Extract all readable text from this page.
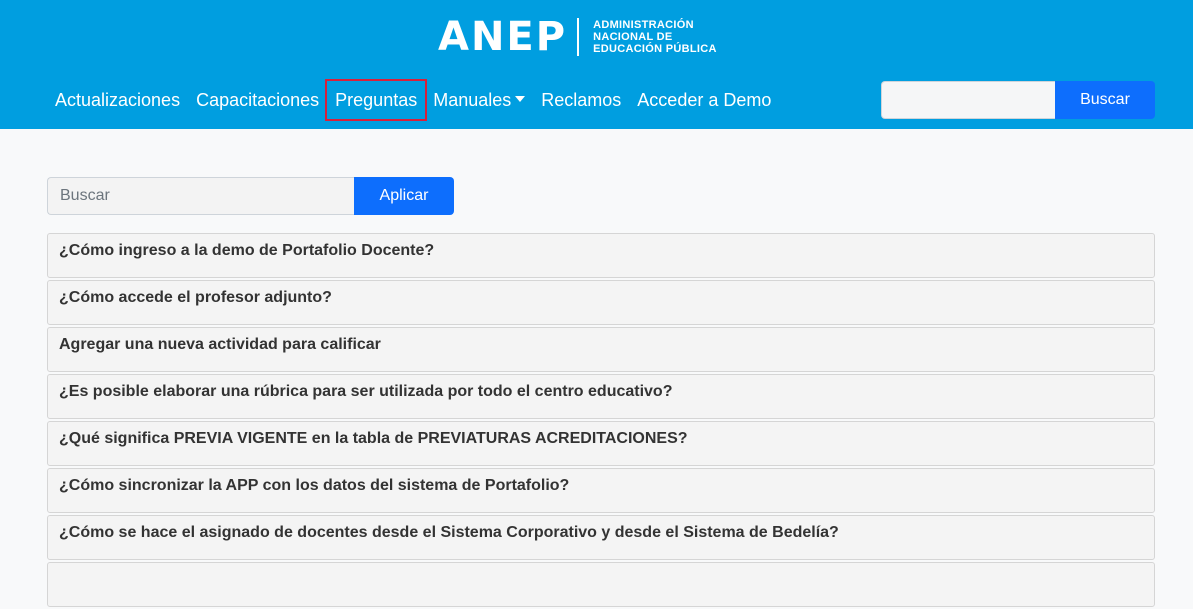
ANEP ADMINISTRACIÓN
NACIONAL DE
EDUCACIÓN PÚBLICA
Actualizaciones Capacitaciones Preguntas Manuales	Reclamos Acceder a Demo	Buscar
Buscar
Aplicar
¿Cómo ingreso a la demo de Portafolio Docente?
¿Cómo accede el profesor adjunto?
Agregar una nueva actividad para calificar
¿Es posible elaborar una rúbrica para ser utilizada por todo el centro educativo?
¿Qué significa PREVIA VIGENTE en la tabla de PREVIATURAS ACREDITACIONES?
¿Cómo sincronizar la APP con los datos del sistema de Portafolio?
¿Cómo se hace el asignado de docentes desde el Sistema Corporativo y desde el Sistema de Bedelía?
